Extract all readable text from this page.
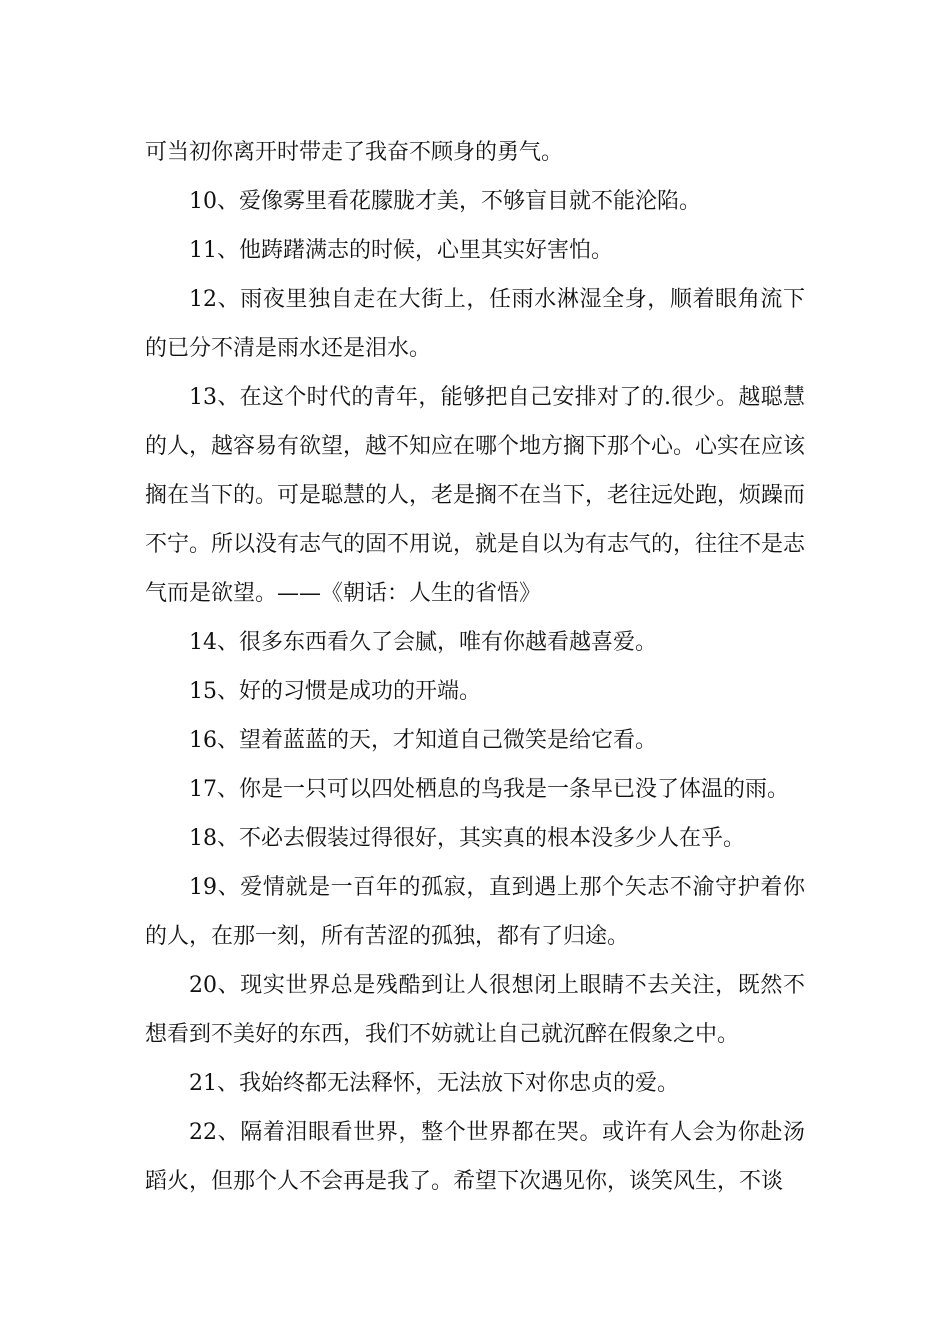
可当初你离开时带走了我奋不顾身的勇气。

10、爱像雾里看花朦胧才美，不够盲目就不能沦陷。

11、他踌躇满志的时候，心里其实好害怕。

12、雨夜里独自走在大街上，任雨水淋湿全身，顺着眼角流下的已分不清是雨水还是泪水。

13、在这个时代的青年，能够把自己安排对了的.很少。越聪慧的人，越容易有欲望，越不知应在哪个地方搁下那个心。心实在应该搁在当下的。可是聪慧的人，老是搁不在当下，老往远处跑，烦躁而不宁。所以没有志气的固不用说，就是自以为有志气的，往往不是志气而是欲望。——《朝话：人生的省悟》

14、很多东西看久了会腻，唯有你越看越喜爱。

15、好的习惯是成功的开端。

16、望着蓝蓝的天，才知道自己微笑是给它看。

17、你是一只可以四处栖息的鸟我是一条早已没了体温的雨。

18、不必去假装过得很好，其实真的根本没多少人在乎。

19、爱情就是一百年的孤寂，直到遇上那个矢志不渝守护着你的人，在那一刻，所有苦涩的孤独，都有了归途。

20、现实世界总是残酷到让人很想闭上眼睛不去关注，既然不想看到不美好的东西，我们不妨就让自己就沉醉在假象之中。

21、我始终都无法释怀，无法放下对你忠贞的爱。

22、隔着泪眼看世界，整个世界都在哭。或许有人会为你赴汤蹈火，但那个人不会再是我了。希望下次遇见你，谈笑风生，不谈
